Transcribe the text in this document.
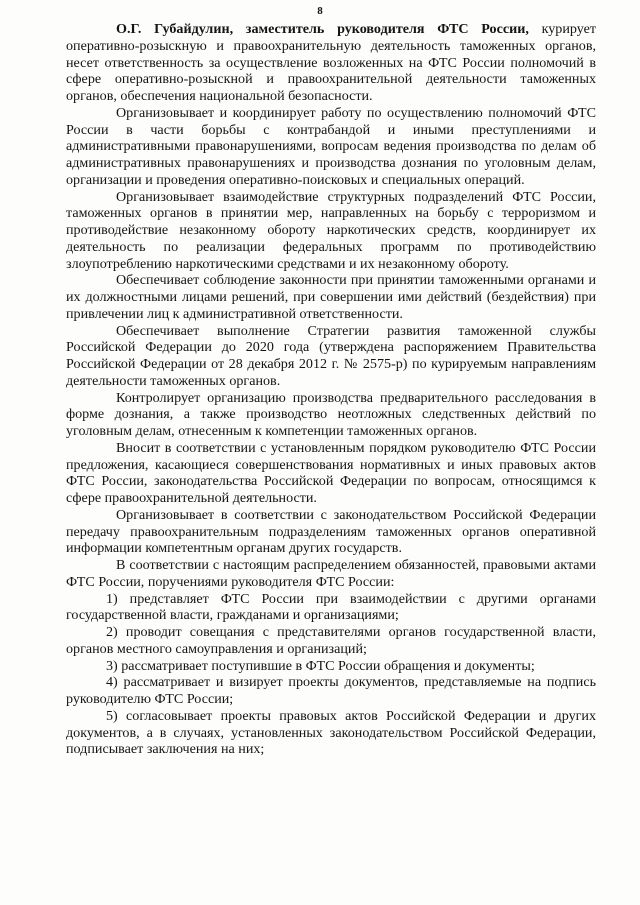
8

О.Г. Губайдулин, заместитель руководителя ФТС России, курирует оперативно-розыскную и правоохранительную деятельность таможенных органов, несет ответственность за осуществление возложенных на ФТС России полномочий в сфере оперативно-розыскной и правоохранительной деятельности таможенных органов, обеспечения национальной безопасности.

Организовывает и координирует работу по осуществлению полномочий ФТС России в части борьбы с контрабандой и иными преступлениями и административными правонарушениями, вопросам ведения производства по делам об административных правонарушениях и производства дознания по уголовным делам, организации и проведения оперативно-поисковых и специальных операций.

Организовывает взаимодействие структурных подразделений ФТС России, таможенных органов в принятии мер, направленных на борьбу с терроризмом и противодействие незаконному обороту наркотических средств, координирует их деятельность по реализации федеральных программ по противодействию злоупотреблению наркотическими средствами и их незаконному обороту.

Обеспечивает соблюдение законности при принятии таможенными органами и их должностными лицами решений, при совершении ими действий (бездействия) при привлечении лиц к административной ответственности.

Обеспечивает выполнение Стратегии развития таможенной службы Российской Федерации до 2020 года (утверждена распоряжением Правительства Российской Федерации от 28 декабря 2012 г. № 2575-р) по курируемым направлениям деятельности таможенных органов.

Контролирует организацию производства предварительного расследования в форме дознания, а также производство неотложных следственных действий по уголовным делам, отнесенным к компетенции таможенных органов.

Вносит в соответствии с установленным порядком руководителю ФТС России предложения, касающиеся совершенствования нормативных и иных правовых актов ФТС России, законодательства Российской Федерации по вопросам, относящимся к сфере правоохранительной деятельности.

Организовывает в соответствии с законодательством Российской Федерации передачу правоохранительным подразделениям таможенных органов оперативной информации компетентным органам других государств.

В соответствии с настоящим распределением обязанностей, правовыми актами ФТС России, поручениями руководителя ФТС России:

1) представляет ФТС России при взаимодействии с другими органами государственной власти, гражданами и организациями;

2) проводит совещания с представителями органов государственной власти, органов местного самоуправления и организаций;

3) рассматривает поступившие в ФТС России обращения и документы;

4) рассматривает и визирует проекты документов, представляемые на подпись руководителю ФТС России;

5) согласовывает проекты правовых актов Российской Федерации и других документов, а в случаях, установленных законодательством Российской Федерации, подписывает заключения на них;
